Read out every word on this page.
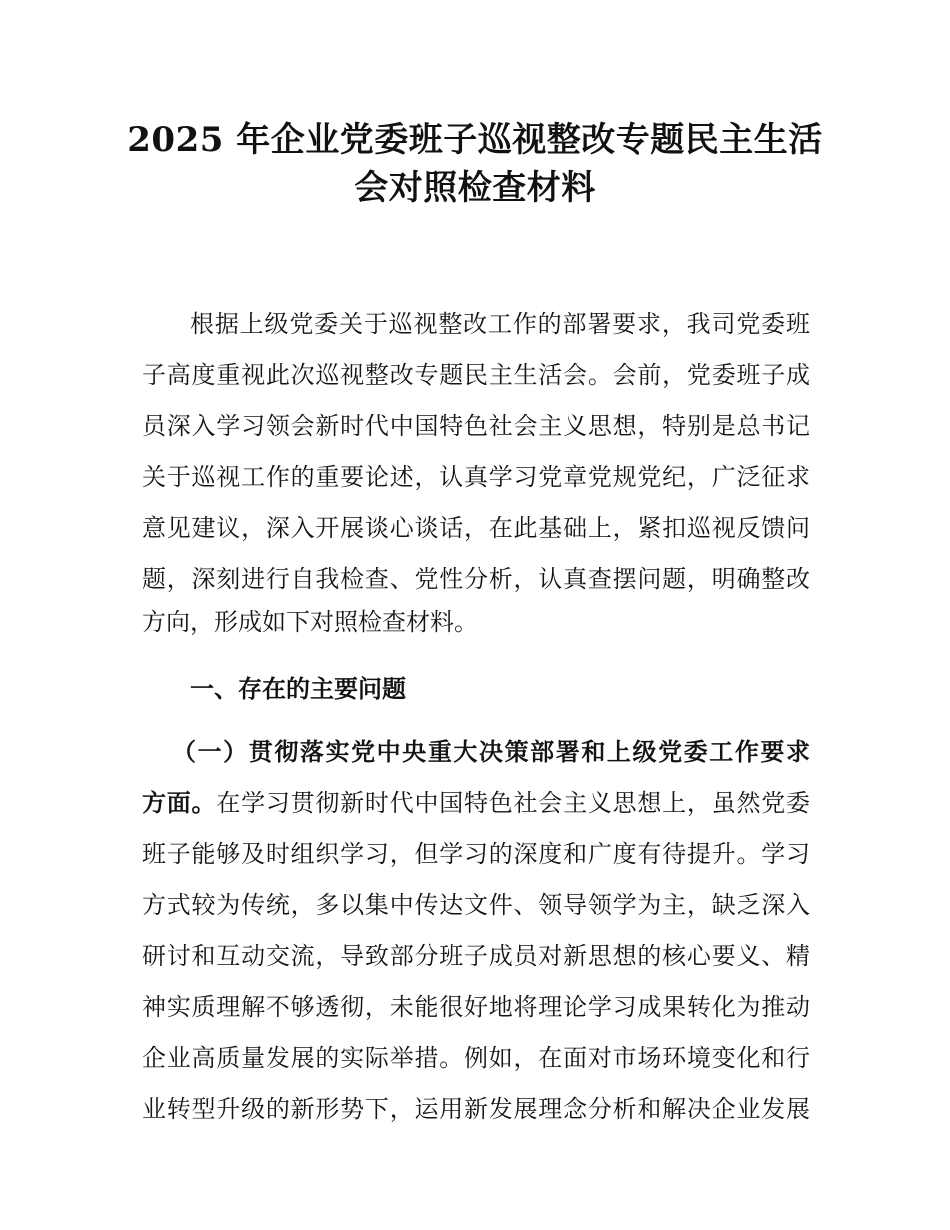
2025 年企业党委班子巡视整改专题民主生活
会对照检查材料
根据上级党委关于巡视整改工作的部署要求，我司党委班
子高度重视此次巡视整改专题民主生活会。会前，党委班子成
员深入学习领会新时代中国特色社会主义思想，特别是总书记
关于巡视工作的重要论述，认真学习党章党规党纪，广泛征求
意见建议，深入开展谈心谈话，在此基础上，紧扣巡视反馈问
题，深刻进行自我检查、党性分析，认真查摆问题，明确整改
方向，形成如下对照检查材料。
一、存在的主要问题
（一）贯彻落实党中央重大决策部署和上级党委工作要求
方面。在学习贯彻新时代中国特色社会主义思想上，虽然党委
班子能够及时组织学习，但学习的深度和广度有待提升。学习
方式较为传统，多以集中传达文件、领导领学为主，缺乏深入
研讨和互动交流，导致部分班子成员对新思想的核心要义、精
神实质理解不够透彻，未能很好地将理论学习成果转化为推动
企业高质量发展的实际举措。例如，在面对市场环境变化和行
业转型升级的新形势下，运用新发展理念分析和解决企业发展
